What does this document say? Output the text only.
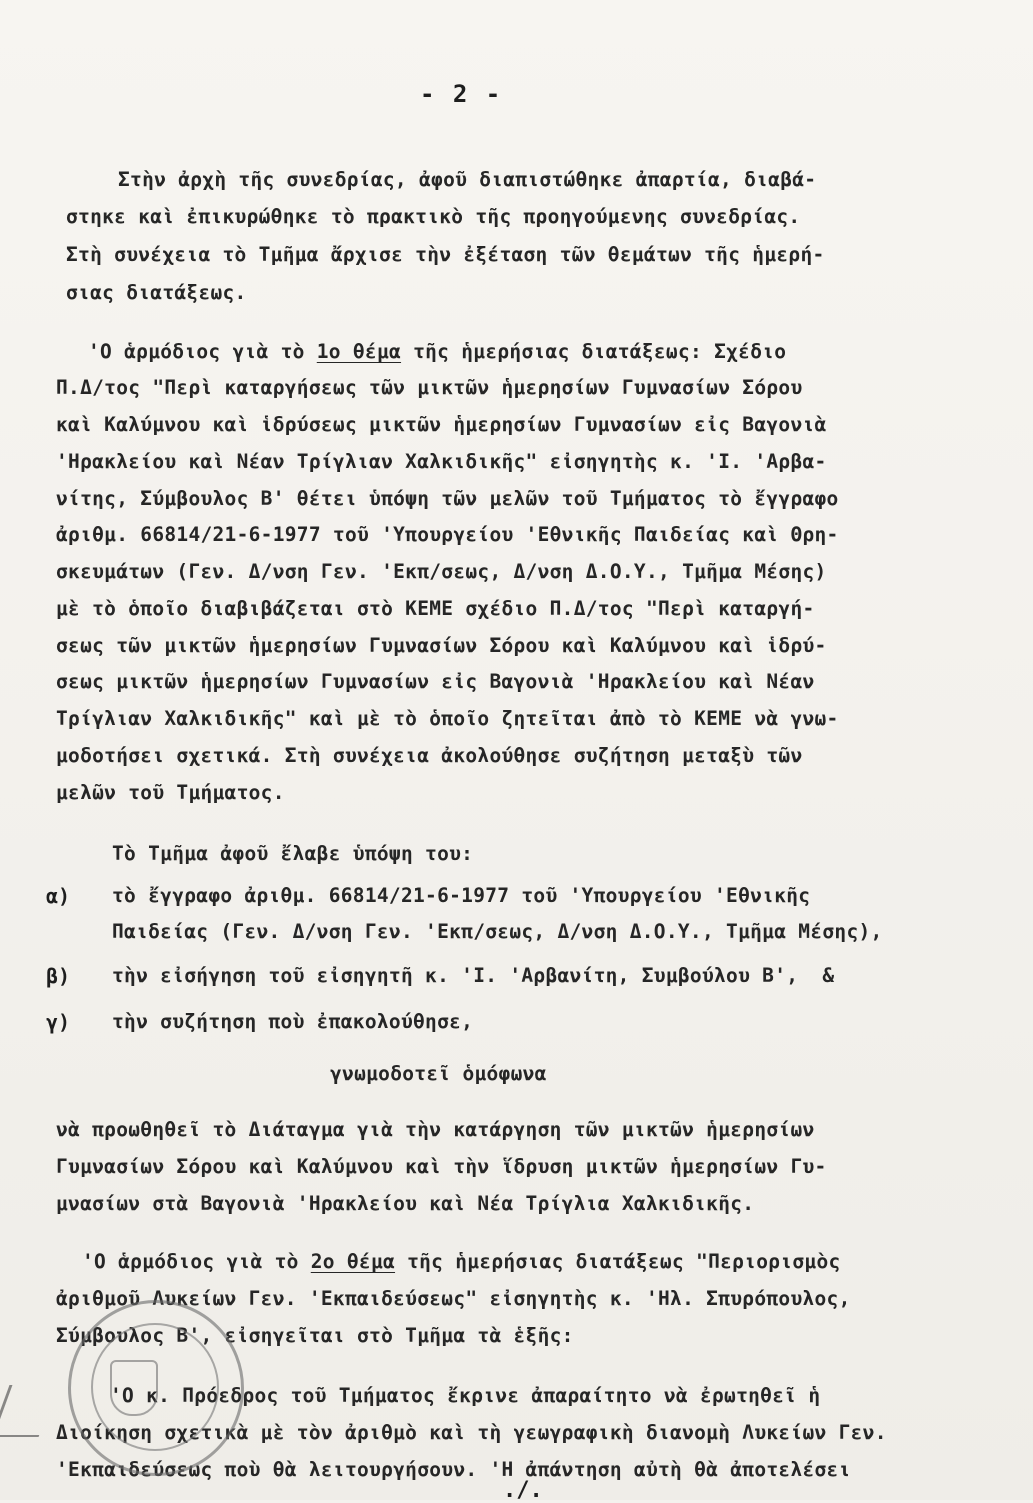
- 2 -
Στὴν ἀρχὴ τῆς συνεδρίας, ἀφοῦ διαπιστώθηκε ἀπαρτία, διαβά-
στηκε καὶ ἐπικυρώθηκε τὸ πρακτικὸ τῆς προηγούμενης συνεδρίας.
Στὴ συνέχεια τὸ Τμῆμα ἄρχισε τὴν ἐξέταση τῶν θεμάτων τῆς ἡμερή-
σιας διατάξεως.
'Ο ἁρμόδιος γιὰ τὸ 1ο θέμα τῆς ἡμερήσιας διατάξεως: Σχέδιο
Π.Δ/τος "Περὶ καταργήσεως τῶν μικτῶν ἡμερησίων Γυμνασίων Σόρου
καὶ Καλύμνου καὶ ἱδρύσεως μικτῶν ἡμερησίων Γυμνασίων εἰς Βαγονιὰ
'Ηρακλείου καὶ Νέαν Τρίγλιαν Χαλκιδικῆς" εἰσηγητὴς κ. 'Ι. 'Αρβα-
νίτης, Σύμβουλος Β' θέτει ὑπόψη τῶν μελῶν τοῦ Τμήματος τὸ ἔγγραφο
ἀριθμ. 66814/21-6-1977 τοῦ 'Υπουργείου 'Εθνικῆς Παιδείας καὶ Θρη-
σκευμάτων (Γεν. Δ/νση Γεν. 'Εκπ/σεως, Δ/νση Δ.Ο.Υ., Τμῆμα Μέσης)
μὲ τὸ ὁποῖο διαβιβάζεται στὸ ΚΕΜΕ σχέδιο Π.Δ/τος "Περὶ καταργή-
σεως τῶν μικτῶν ἡμερησίων Γυμνασίων Σόρου καὶ Καλύμνου καὶ ἱδρύ-
σεως μικτῶν ἡμερησίων Γυμνασίων εἰς Βαγονιὰ 'Ηρακλείου καὶ Νέαν
Τρίγλιαν Χαλκιδικῆς" καὶ μὲ τὸ ὁποῖο ζητεῖται ἀπὸ τὸ ΚΕΜΕ νὰ γνω-
μοδοτήσει σχετικά. Στὴ συνέχεια ἀκολούθησε συζήτηση μεταξὺ τῶν
μελῶν τοῦ Τμήματος.
Τὸ Τμῆμα ἀφοῦ ἔλαβε ὑπόψη του:
α) τὸ ἔγγραφο ἀριθμ. 66814/21-6-1977 τοῦ 'Υπουργείου 'Εθνικῆς
Παιδείας (Γεν. Δ/νση Γεν. 'Εκπ/σεως, Δ/νση Δ.Ο.Υ., Τμῆμα Μέσης),
β) τὴν εἰσήγηση τοῦ εἰσηγητῆ κ. 'Ι. 'Αρβανίτη, Συμβούλου Β',  &
γ) τὴν συζήτηση ποὺ ἐπακολούθησε,
γνωμοδοτεῖ ὁμόφωνα
νὰ προωθηθεῖ τὸ Διάταγμα γιὰ τὴν κατάργηση τῶν μικτῶν ἡμερησίων
Γυμνασίων Σόρου καὶ Καλύμνου καὶ τὴν ἵδρυση μικτῶν ἡμερησίων Γυ-
μνασίων στὰ Βαγονιὰ 'Ηρακλείου καὶ Νέα Τρίγλια Χαλκιδικῆς.
'Ο ἁρμόδιος γιὰ τὸ 2ο θέμα τῆς ἡμερήσιας διατάξεως "Περιορισμὸς
ἀριθμοῦ Λυκείων Γεν. 'Εκπαιδεύσεως" εἰσηγητὴς κ. 'Ηλ. Σπυρόπουλος,
Σύμβουλος Β', εἰσηγεῖται στὸ Τμῆμα τὰ ἑξῆς:
'Ο κ. Πρόεδρος τοῦ Τμήματος ἔκρινε ἀπαραίτητο νὰ ἐρωτηθεῖ ἡ
Διοίκηση σχετικὰ μὲ τὸν ἀριθμὸ καὶ τὴ γεωγραφικὴ διανομὴ Λυκείων Γεν.
'Εκπαιδεύσεως ποὺ θὰ λειτουργήσουν. 'Η ἀπάντηση αὐτὴ θὰ ἀποτελέσει
./.
